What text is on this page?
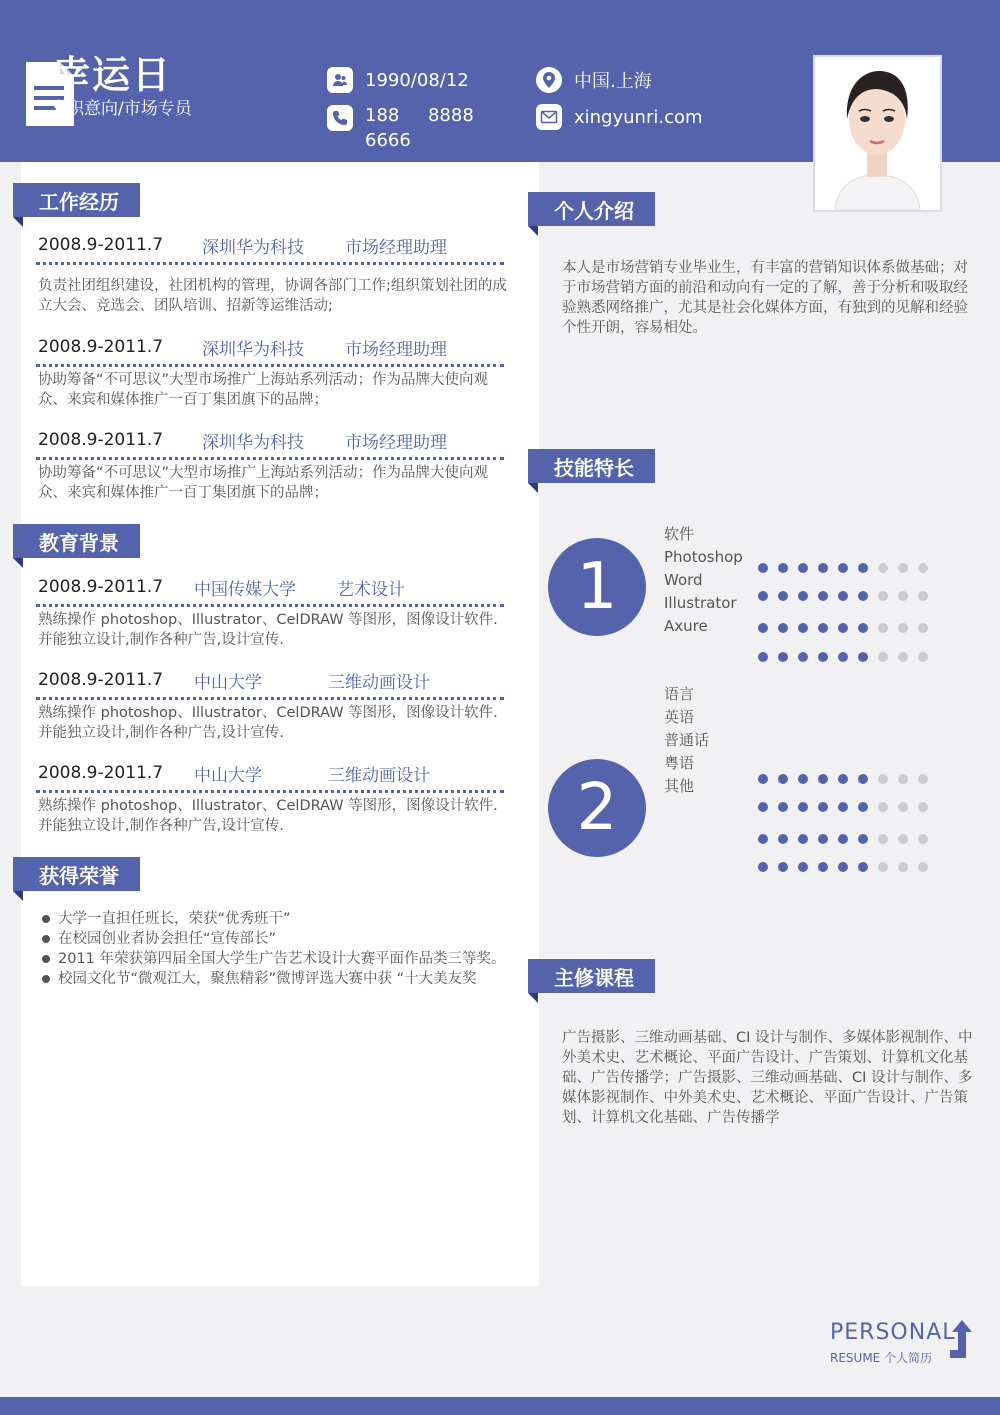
幸运日
求职意向/市场专员
1990/08/12
188     8888 6666
中国.上海
xingyunri.com
工作经历
2008.9-2011.7	深圳华为科技	市场经理助理
负责社团组织建设，社团机构的管理，协调各部门工作;组织策划社团的成立大会、竞选会、团队培训、招新等运维活动;
2008.9-2011.7	深圳华为科技	市场经理助理
协助筹备“不可思议”大型市场推广上海站系列活动；作为品牌大使向观众、来宾和媒体推广一百丁集团旗下的品牌；
2008.9-2011.7	深圳华为科技	市场经理助理
协助筹备“不可思议”大型市场推广上海站系列活动；作为品牌大使向观众、来宾和媒体推广一百丁集团旗下的品牌；
教育背景
2008.9-2011.7	中国传媒大学	艺术设计
熟练操作 photoshop、Illustrator、CelDRAW 等图形，图像设计软件.并能独立设计,制作各种广告,设计宣传.
2008.9-2011.7	中山大学	三维动画设计
熟练操作 photoshop、Illustrator、CelDRAW 等图形，图像设计软件.并能独立设计,制作各种广告,设计宣传.
2008.9-2011.7	中山大学	三维动画设计
熟练操作 photoshop、Illustrator、CelDRAW 等图形，图像设计软件.并能独立设计,制作各种广告,设计宣传.
获得荣誉
大学一直担任班长，荣获“优秀班干”
在校园创业者协会担任“宣传部长”
2011 年荣获第四届全国大学生广告艺术设计大赛平面作品类三等奖。
校园文化节“微观江大，聚焦精彩”微博评选大赛中获 “十大美友奖
个人介绍
本人是市场营销专业毕业生，有丰富的营销知识体系做基础；对于市场营销方面的前沿和动向有一定的了解，善于分析和吸取经验熟悉网络推广，尤其是社会化媒体方面，有独到的见解和经验个性开朗，容易相处。
技能特长
1
软件
Photoshop
Word
Illustrator
Axure
2
语言
英语
普通话
粤语
其他
主修课程
广告摄影、三维动画基础、CI 设计与制作、多媒体影视制作、中外美术史、艺术概论、平面广告设计、广告策划、计算机文化基础、广告传播学；广告摄影、三维动画基础、CI 设计与制作、多媒体影视制作、中外美术史、艺术概论、平面广告设计、广告策划、计算机文化基础、广告传播学
PERSONAL
RESUME 个人简历
